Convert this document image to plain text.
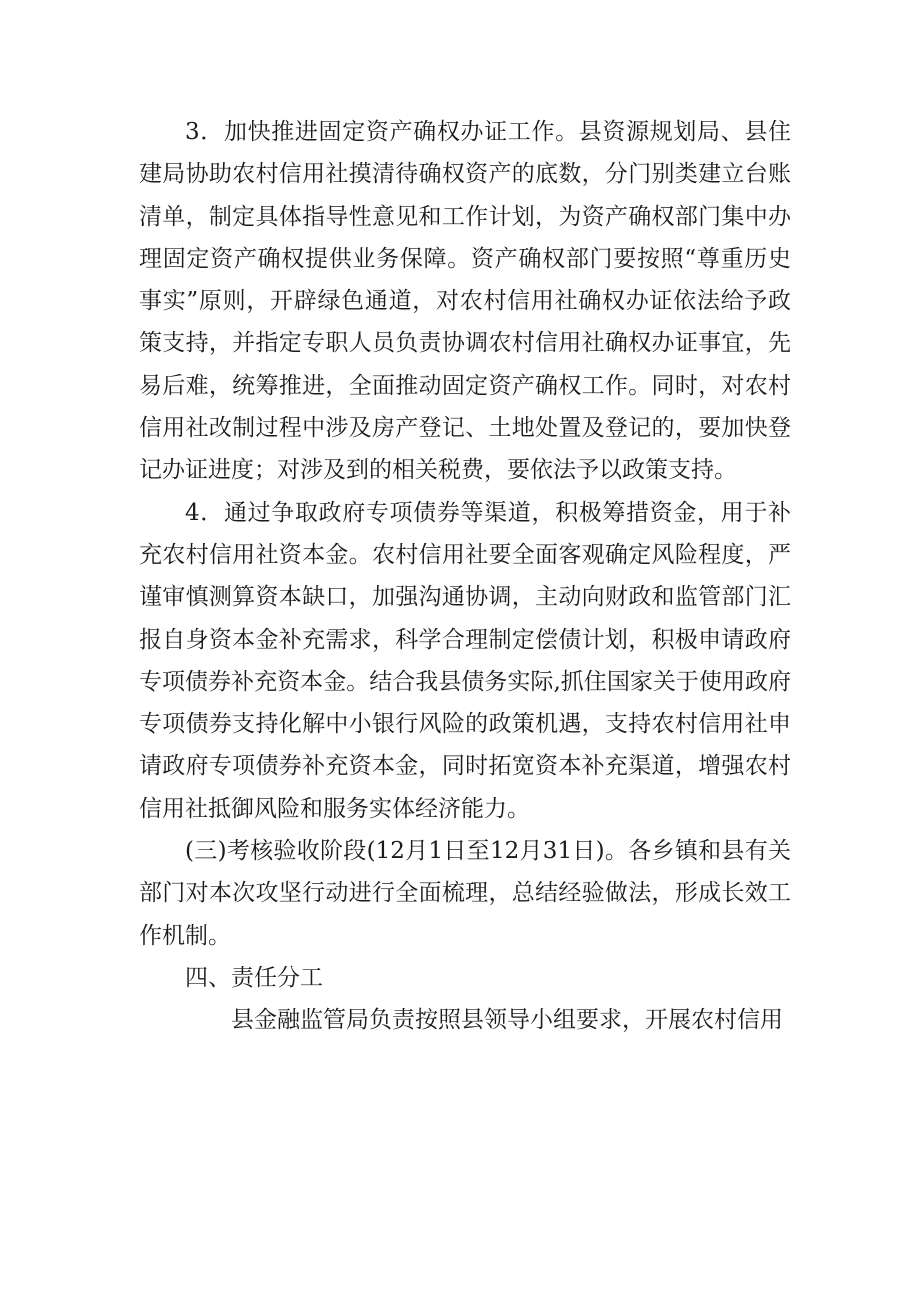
3．加快推进固定资产确权办证工作。县资源规划局、县住建局协助农村信用社摸清待确权资产的底数，分门别类建立台账清单，制定具体指导性意见和工作计划，为资产确权部门集中办理固定资产确权提供业务保障。资产确权部门要按照“尊重历史事实”原则，开辟绿色通道，对农村信用社确权办证依法给予政策支持，并指定专职人员负责协调农村信用社确权办证事宜，先易后难，统筹推进，全面推动固定资产确权工作。同时，对农村信用社改制过程中涉及房产登记、土地处置及登记的，要加快登记办证进度；对涉及到的相关税费，要依法予以政策支持。

4．通过争取政府专项债券等渠道，积极筹措资金，用于补充农村信用社资本金。农村信用社要全面客观确定风险程度，严谨审慎测算资本缺口，加强沟通协调，主动向财政和监管部门汇报自身资本金补充需求，科学合理制定偿债计划，积极申请政府专项债券补充资本金。结合我县债务实际,抓住国家关于使用政府专项债券支持化解中小银行风险的政策机遇，支持农村信用社申请政府专项债券补充资本金，同时拓宽资本补充渠道，增强农村信用社抵御风险和服务实体经济能力。

(三)考核验收阶段(12月1日至12月31日)。各乡镇和县有关部门对本次攻坚行动进行全面梳理，总结经验做法，形成长效工作机制。

四、责任分工

县金融监管局负责按照县领导小组要求，开展农村信用
